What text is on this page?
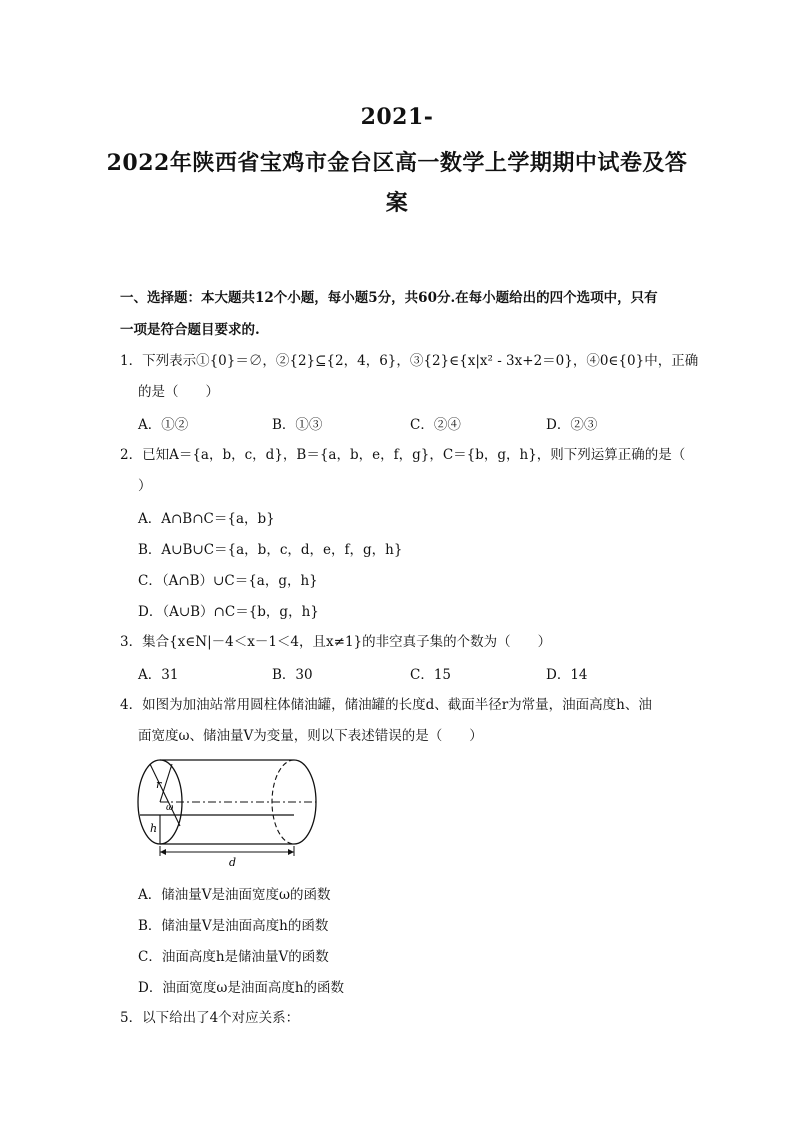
2021-
2022年陕西省宝鸡市金台区高一数学上学期期中试卷及答
案
一、选择题：本大题共12个小题，每小题5分，共60分.在每小题给出的四个选项中，只有
一项是符合题目要求的.
1．下列表示①{0}＝∅，②{2}⊆{2，4，6}，③{2}∈{x|x² - 3x+2＝0}，④0∈{0}中，正确
的是（　　）
A．①②	B．①③	C．②④	D．②③
2．已知A＝{a，b，c，d}，B＝{a，b，e，f，g}，C＝{b，g，h}，则下列运算正确的是（
）
A．A∩B∩C＝{a，b}
B．A∪B∪C＝{a，b，c，d，e，f，g，h}
C．（A∩B）∪C＝{a，g，h}
D．（A∪B）∩C＝{b，g，h}
3．集合{x∈N|－4＜x－1＜4，且x≠1}的非空真子集的个数为（　　）
A．31	B．30	C．15	D．14
4．如图为加油站常用圆柱体储油罐，储油罐的长度d、截面半径r为常量，油面高度h、油
面宽度ω、储油量V为变量，则以下表述错误的是（　　）
r
ω
h
d
A．储油量V是油面宽度ω的函数
B．储油量V是油面高度h的函数
C．油面高度h是储油量V的函数
D．油面宽度ω是油面高度h的函数
5．以下给出了4个对应关系：
